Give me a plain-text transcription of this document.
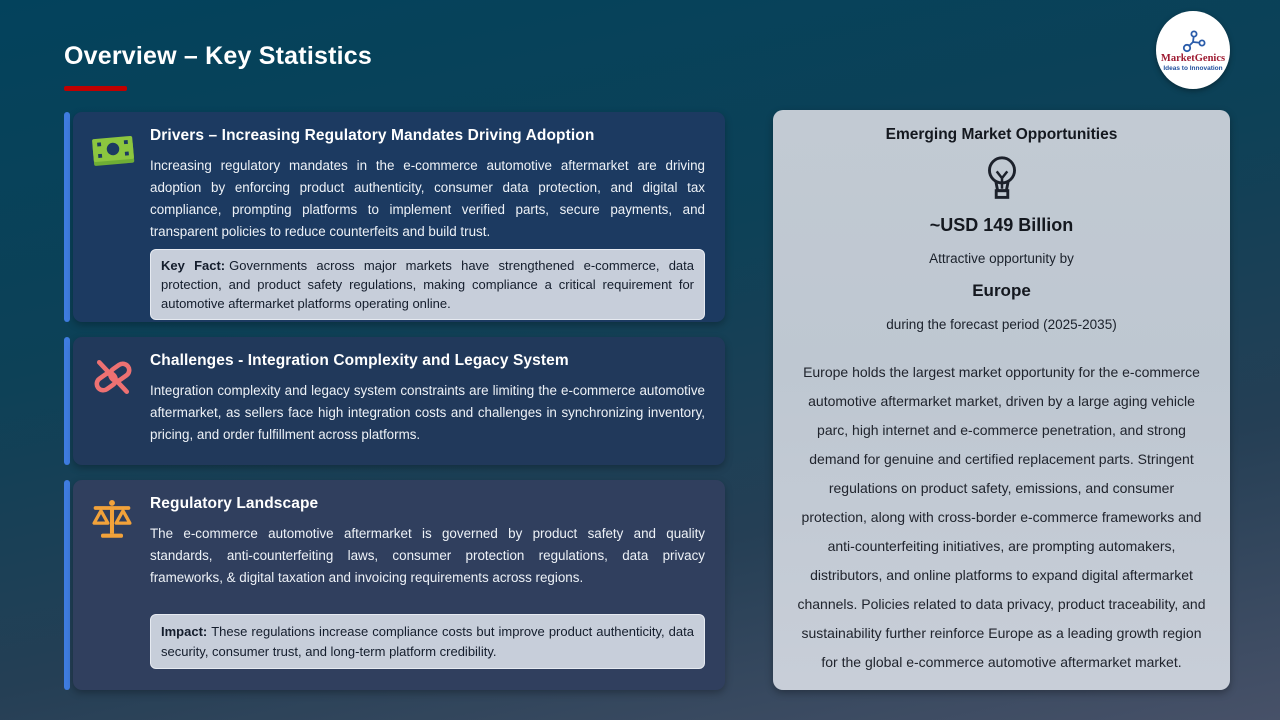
Overview – Key Statistics	MarketGenics
Ideas to Innovation
Drivers – Increasing Regulatory Mandates Driving Adoption

Increasing regulatory mandates in the e-commerce automotive aftermarket are driving adoption by enforcing product authenticity, consumer data protection, and digital tax compliance, prompting platforms to implement verified parts, secure payments, and transparent policies to reduce counterfeits and build trust.

Key Fact: Governments across major markets have strengthened e-commerce, data protection, and product safety regulations, making compliance a critical requirement for automotive aftermarket platforms operating online.
Challenges - Integration Complexity and Legacy System

Integration complexity and legacy system constraints are limiting the e-commerce automotive aftermarket, as sellers face high integration costs and challenges in synchronizing inventory, pricing, and order fulfillment across platforms.

Regulatory Landscape

The e-commerce automotive aftermarket is governed by product safety and quality standards, anti-counterfeiting laws, consumer protection regulations, data privacy frameworks, & digital taxation and invoicing requirements across regions.

Impact: These regulations increase compliance costs but improve product authenticity, data security, consumer trust, and long-term platform credibility.
Emerging Market Opportunities
~USD 149 Billion
Attractive opportunity by
Europe
during the forecast period (2025-2035)

Europe holds the largest market opportunity for the e-commerce automotive aftermarket market, driven by a large aging vehicle parc, high internet and e-commerce penetration, and strong demand for genuine and certified replacement parts. Stringent regulations on product safety, emissions, and consumer protection, along with cross-border e-commerce frameworks and anti-counterfeiting initiatives, are prompting automakers, distributors, and online platforms to expand digital aftermarket channels. Policies related to data privacy, product traceability, and sustainability further reinforce Europe as a leading growth region for the global e-commerce automotive aftermarket market.
